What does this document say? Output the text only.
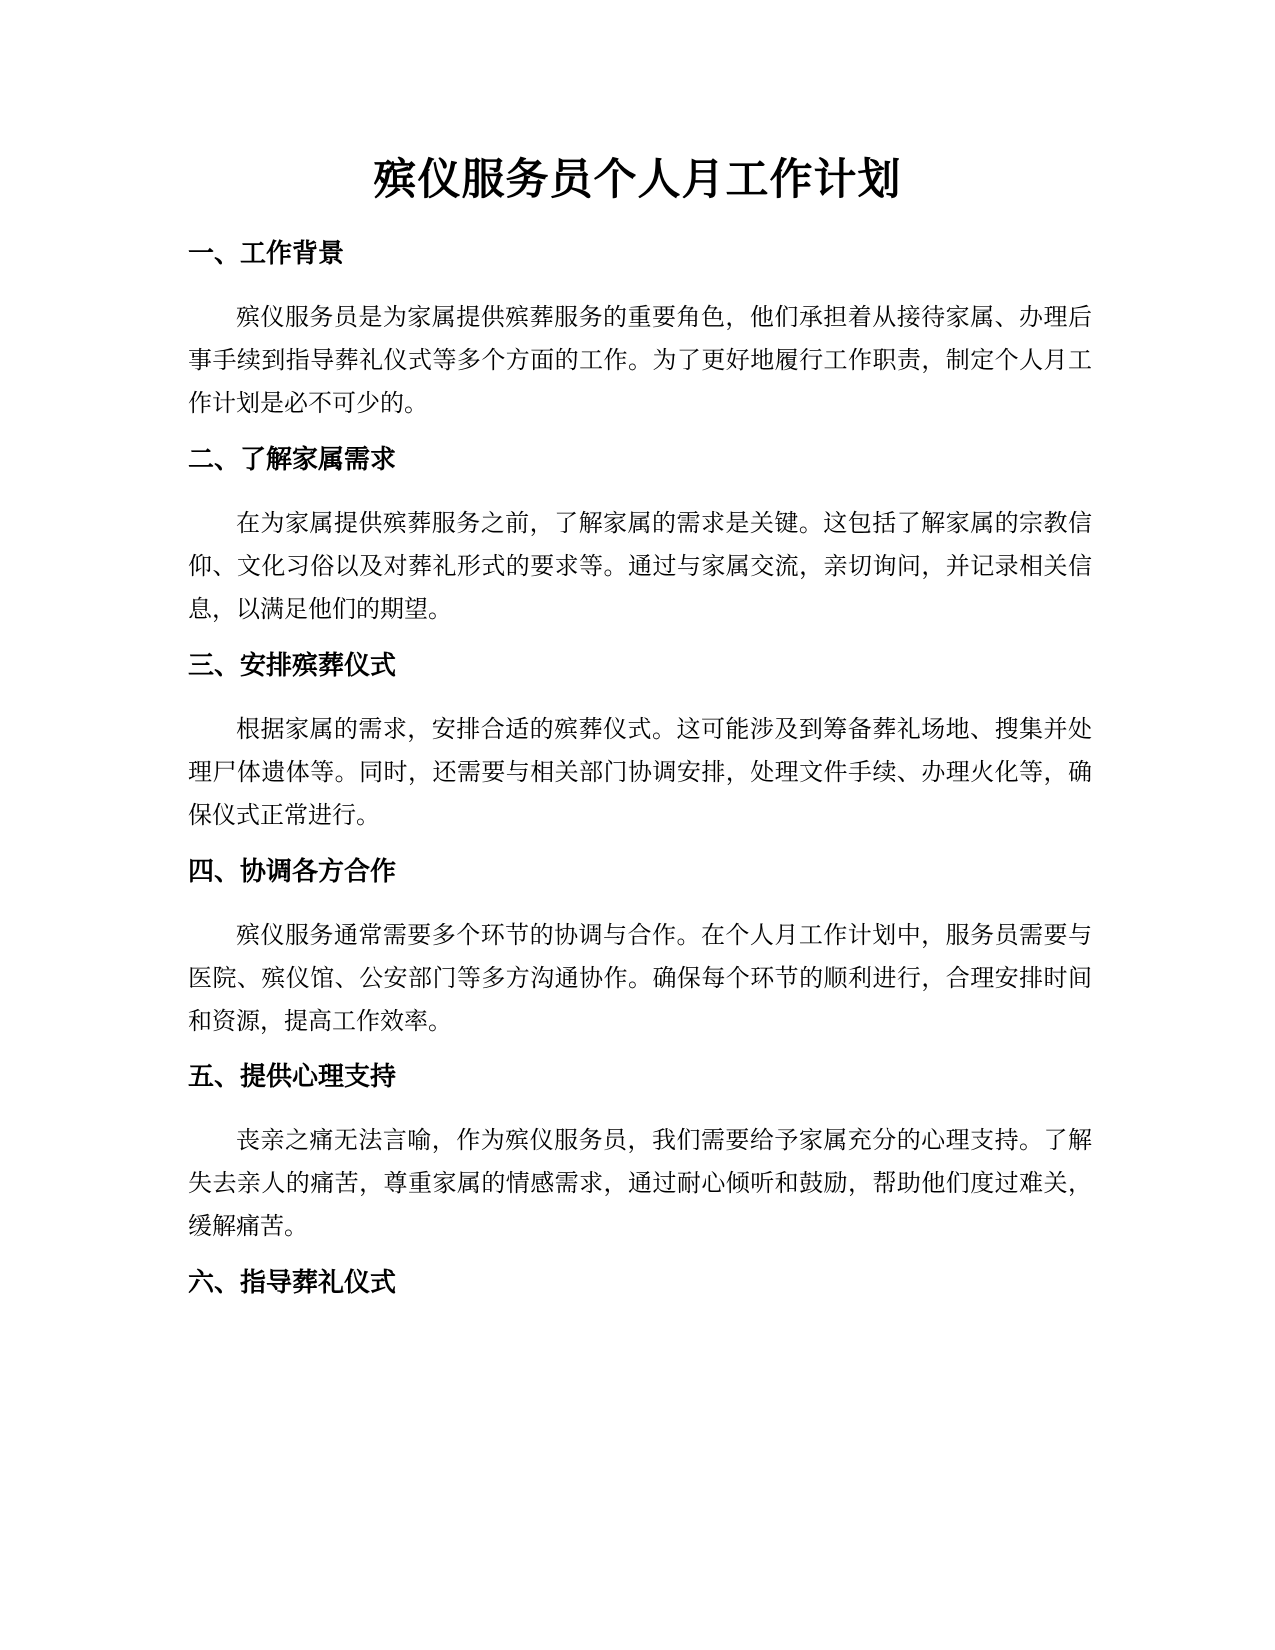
殡仪服务员个人月工作计划
一、工作背景

殡仪服务员是为家属提供殡葬服务的重要角色，他们承担着从接待家属、办理后事手续到指导葬礼仪式等多个方面的工作。为了更好地履行工作职责，制定个人月工作计划是必不可少的。

二、了解家属需求

在为家属提供殡葬服务之前，了解家属的需求是关键。这包括了解家属的宗教信仰、文化习俗以及对葬礼形式的要求等。通过与家属交流，亲切询问，并记录相关信息，以满足他们的期望。

三、安排殡葬仪式

根据家属的需求，安排合适的殡葬仪式。这可能涉及到筹备葬礼场地、搜集并处理尸体遗体等。同时，还需要与相关部门协调安排，处理文件手续、办理火化等，确保仪式正常进行。

四、协调各方合作

殡仪服务通常需要多个环节的协调与合作。在个人月工作计划中，服务员需要与医院、殡仪馆、公安部门等多方沟通协作。确保每个环节的顺利进行，合理安排时间和资源，提高工作效率。

五、提供心理支持

丧亲之痛无法言喻，作为殡仪服务员，我们需要给予家属充分的心理支持。了解失去亲人的痛苦，尊重家属的情感需求，通过耐心倾听和鼓励，帮助他们度过难关，缓解痛苦。

六、指导葬礼仪式
